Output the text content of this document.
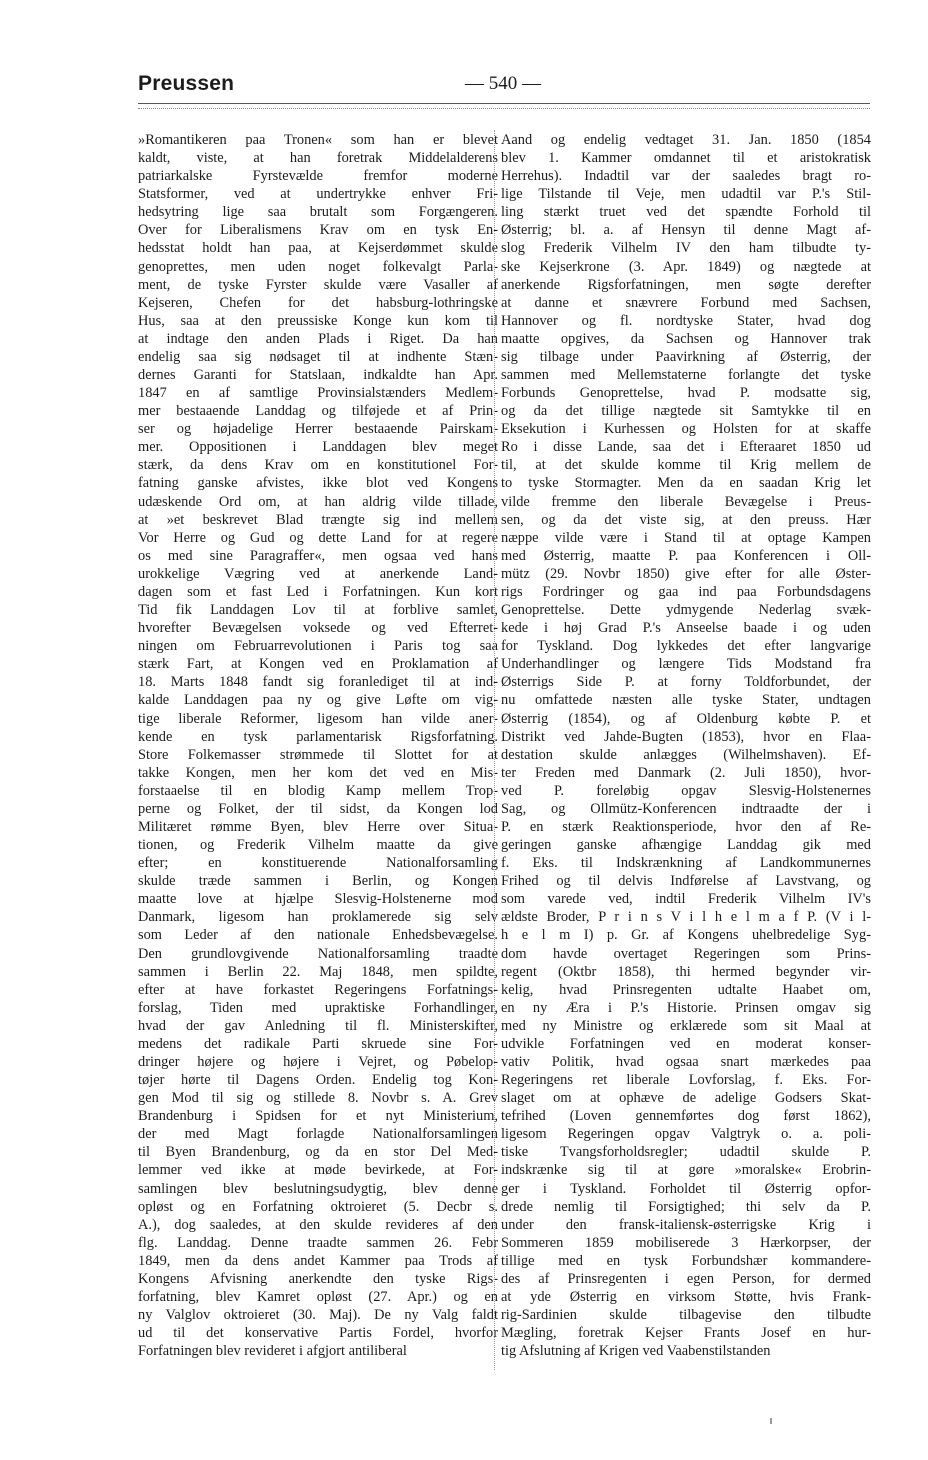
Preussen	— 540 —
»Romantikeren paa Tronen« som han er blevet
kaldt, viste, at han foretrak Middelalderens
patriarkalske Fyrstevælde fremfor moderne
Statsformer, ved at undertrykke enhver Fri-
hedsytring lige saa brutalt som Forgængeren.
Over for Liberalismens Krav om en tysk En-
hedsstat holdt han paa, at Kejserdømmet skulde
genoprettes, men uden noget folkevalgt Parla-
ment, de tyske Fyrster skulde være Vasaller af
Kejseren, Chefen for det habsburg-lothringske
Hus, saa at den preussiske Konge kun kom til
at indtage den anden Plads i Riget. Da han
endelig saa sig nødsaget til at indhente Stæn-
dernes Garanti for Statslaan, indkaldte han Apr.
1847 en af samtlige Provinsialstænders Medlem-
mer bestaaende Landdag og tilføjede et af Prin-
ser og højadelige Herrer bestaaende Pairskam-
mer. Oppositionen i Landdagen blev meget
stærk, da dens Krav om en konstitutionel For-
fatning ganske afvistes, ikke blot ved Kongens
udæskende Ord om, at han aldrig vilde tillade,
at »et beskrevet Blad trængte sig ind mellem
Vor Herre og Gud og dette Land for at regere
os med sine Paragraffer«, men ogsaa ved hans
urokkelige Vægring ved at anerkende Land-
dagen som et fast Led i Forfatningen. Kun kort
Tid fik Landdagen Lov til at forblive samlet,
hvorefter Bevægelsen voksede og ved Efterret-
ningen om Februarrevolutionen i Paris tog saa
stærk Fart, at Kongen ved en Proklamation af
18. Marts 1848 fandt sig foranlediget til at ind-
kalde Landdagen paa ny og give Løfte om vig-
tige liberale Reformer, ligesom han vilde aner-
kende en tysk parlamentarisk Rigsforfatning.
Store Folkemasser strømmede til Slottet for at
takke Kongen, men her kom det ved en Mis-
forstaaelse til en blodig Kamp mellem Trop-
perne og Folket, der til sidst, da Kongen lod
Militæret rømme Byen, blev Herre over Situa-
tionen, og Frederik Vilhelm maatte da give
efter; en konstituerende Nationalforsamling
skulde træde sammen i Berlin, og Kongen
maatte love at hjælpe Slesvig-Holstenerne mod
Danmark, ligesom han proklamerede sig selv
som Leder af den nationale Enhedsbevægelse.
Den grundlovgivende Nationalforsamling traadte
sammen i Berlin 22. Maj 1848, men spildte,
efter at have forkastet Regeringens Forfatnings-
forslag, Tiden med upraktiske Forhandlinger,
hvad der gav Anledning til fl. Ministerskifter,
medens det radikale Parti skruede sine For-
dringer højere og højere i Vejret, og Pøbelop-
tøjer hørte til Dagens Orden. Endelig tog Kon-
gen Mod til sig og stillede 8. Novbr s. A. Grev
Brandenburg i Spidsen for et nyt Ministerium,
der med Magt forlagde Nationalforsamlingen
til Byen Brandenburg, og da en stor Del Med-
lemmer ved ikke at møde bevirkede, at For-
samlingen blev beslutningsudygtig, blev denne
opløst og en Forfatning oktroieret (5. Decbr s.
A.), dog saaledes, at den skulde revideres af den
flg. Landdag. Denne traadte sammen 26. Febr
1849, men da dens andet Kammer paa Trods af
Kongens Afvisning anerkendte den tyske Rigs-
forfatning, blev Kamret opløst (27. Apr.) og en
ny Valglov oktroieret (30. Maj). De ny Valg faldt
ud til det konservative Partis Fordel, hvorfor
Forfatningen blev revideret i afgjort antiliberal
Aand og endelig vedtaget 31. Jan. 1850 (1854
blev 1. Kammer omdannet til et aristokratisk
Herrehus). Indadtil var der saaledes bragt ro-
lige Tilstande til Veje, men udadtil var P.'s Stil-
ling stærkt truet ved det spændte Forhold til
Østerrig; bl. a. af Hensyn til denne Magt af-
slog Frederik Vilhelm IV den ham tilbudte ty-
ske Kejserkrone (3. Apr. 1849) og nægtede at
anerkende Rigsforfatningen, men søgte derefter
at danne et snævrere Forbund med Sachsen,
Hannover og fl. nordtyske Stater, hvad dog
maatte opgives, da Sachsen og Hannover trak
sig tilbage under Paavirkning af Østerrig, der
sammen med Mellemstaterne forlangte det tyske
Forbunds Genoprettelse, hvad P. modsatte sig,
og da det tillige nægtede sit Samtykke til en
Eksekution i Kurhessen og Holsten for at skaffe
Ro i disse Lande, saa det i Efteraaret 1850 ud
til, at det skulde komme til Krig mellem de
to tyske Stormagter. Men da en saadan Krig let
vilde fremme den liberale Bevægelse i Preus-
sen, og da det viste sig, at den preuss. Hær
næppe vilde være i Stand til at optage Kampen
med Østerrig, maatte P. paa Konferencen i Oll-
mütz (29. Novbr 1850) give efter for alle Øster-
rigs Fordringer og gaa ind paa Forbundsdagens
Genoprettelse. Dette ydmygende Nederlag svæk-
kede i høj Grad P.'s Anseelse baade i og uden
for Tyskland. Dog lykkedes det efter langvarige
Underhandlinger og længere Tids Modstand fra
Østerrigs Side P. at forny Toldforbundet, der
nu omfattede næsten alle tyske Stater, undtagen
Østerrig (1854), og af Oldenburg købte P. et
Distrikt ved Jahde-Bugten (1853), hvor en Flaa-
destation skulde anlægges (Wilhelmshaven). Ef-
ter Freden med Danmark (2. Juli 1850), hvor-
ved P. foreløbig opgav Slesvig-Holstenernes
Sag, og Ollmütz-Konferencen indtraadte der i
P. en stærk Reaktionsperiode, hvor den af Re-
geringen ganske afhængige Landdag gik med
f. Eks. til Indskrænkning af Landkommunernes
Frihed og til delvis Indførelse af Lavstvang, og
som varede ved, indtil Frederik Vilhelm IV's
ældste Broder, P r i n s V i l h e l m a f P. (V i l-
h e l m I) p. Gr. af Kongens uhelbredelige Syg-
dom havde overtaget Regeringen som Prins-
regent (Oktbr 1858), thi hermed begynder vir-
kelig, hvad Prinsregenten udtalte Haabet om,
en ny Æra i P.'s Historie. Prinsen omgav sig
med ny Ministre og erklærede som sit Maal at
udvikle Forfatningen ved en moderat konser-
vativ Politik, hvad ogsaa snart mærkedes paa
Regeringens ret liberale Lovforslag, f. Eks. For-
slaget om at ophæve de adelige Godsers Skat-
tefrihed (Loven gennemførtes dog først 1862),
ligesom Regeringen opgav Valgtryk o. a. poli-
tiske Tvangsforholdsregler; udadtil skulde P.
indskrænke sig til at gøre »moralske« Erobrin-
ger i Tyskland. Forholdet til Østerrig opfor-
drede nemlig til Forsigtighed; thi selv da P.
under den fransk-italiensk-østerrigske Krig i
Sommeren 1859 mobiliserede 3 Hærkorpser, der
tillige med en tysk Forbundshær kommandere-
des af Prinsregenten i egen Person, for dermed
at yde Østerrig en virksom Støtte, hvis Frank-
rig-Sardinien skulde tilbagevise den tilbudte
Mægling, foretrak Kejser Frants Josef en hur-
tig Afslutning af Krigen ved Vaabenstilstanden
